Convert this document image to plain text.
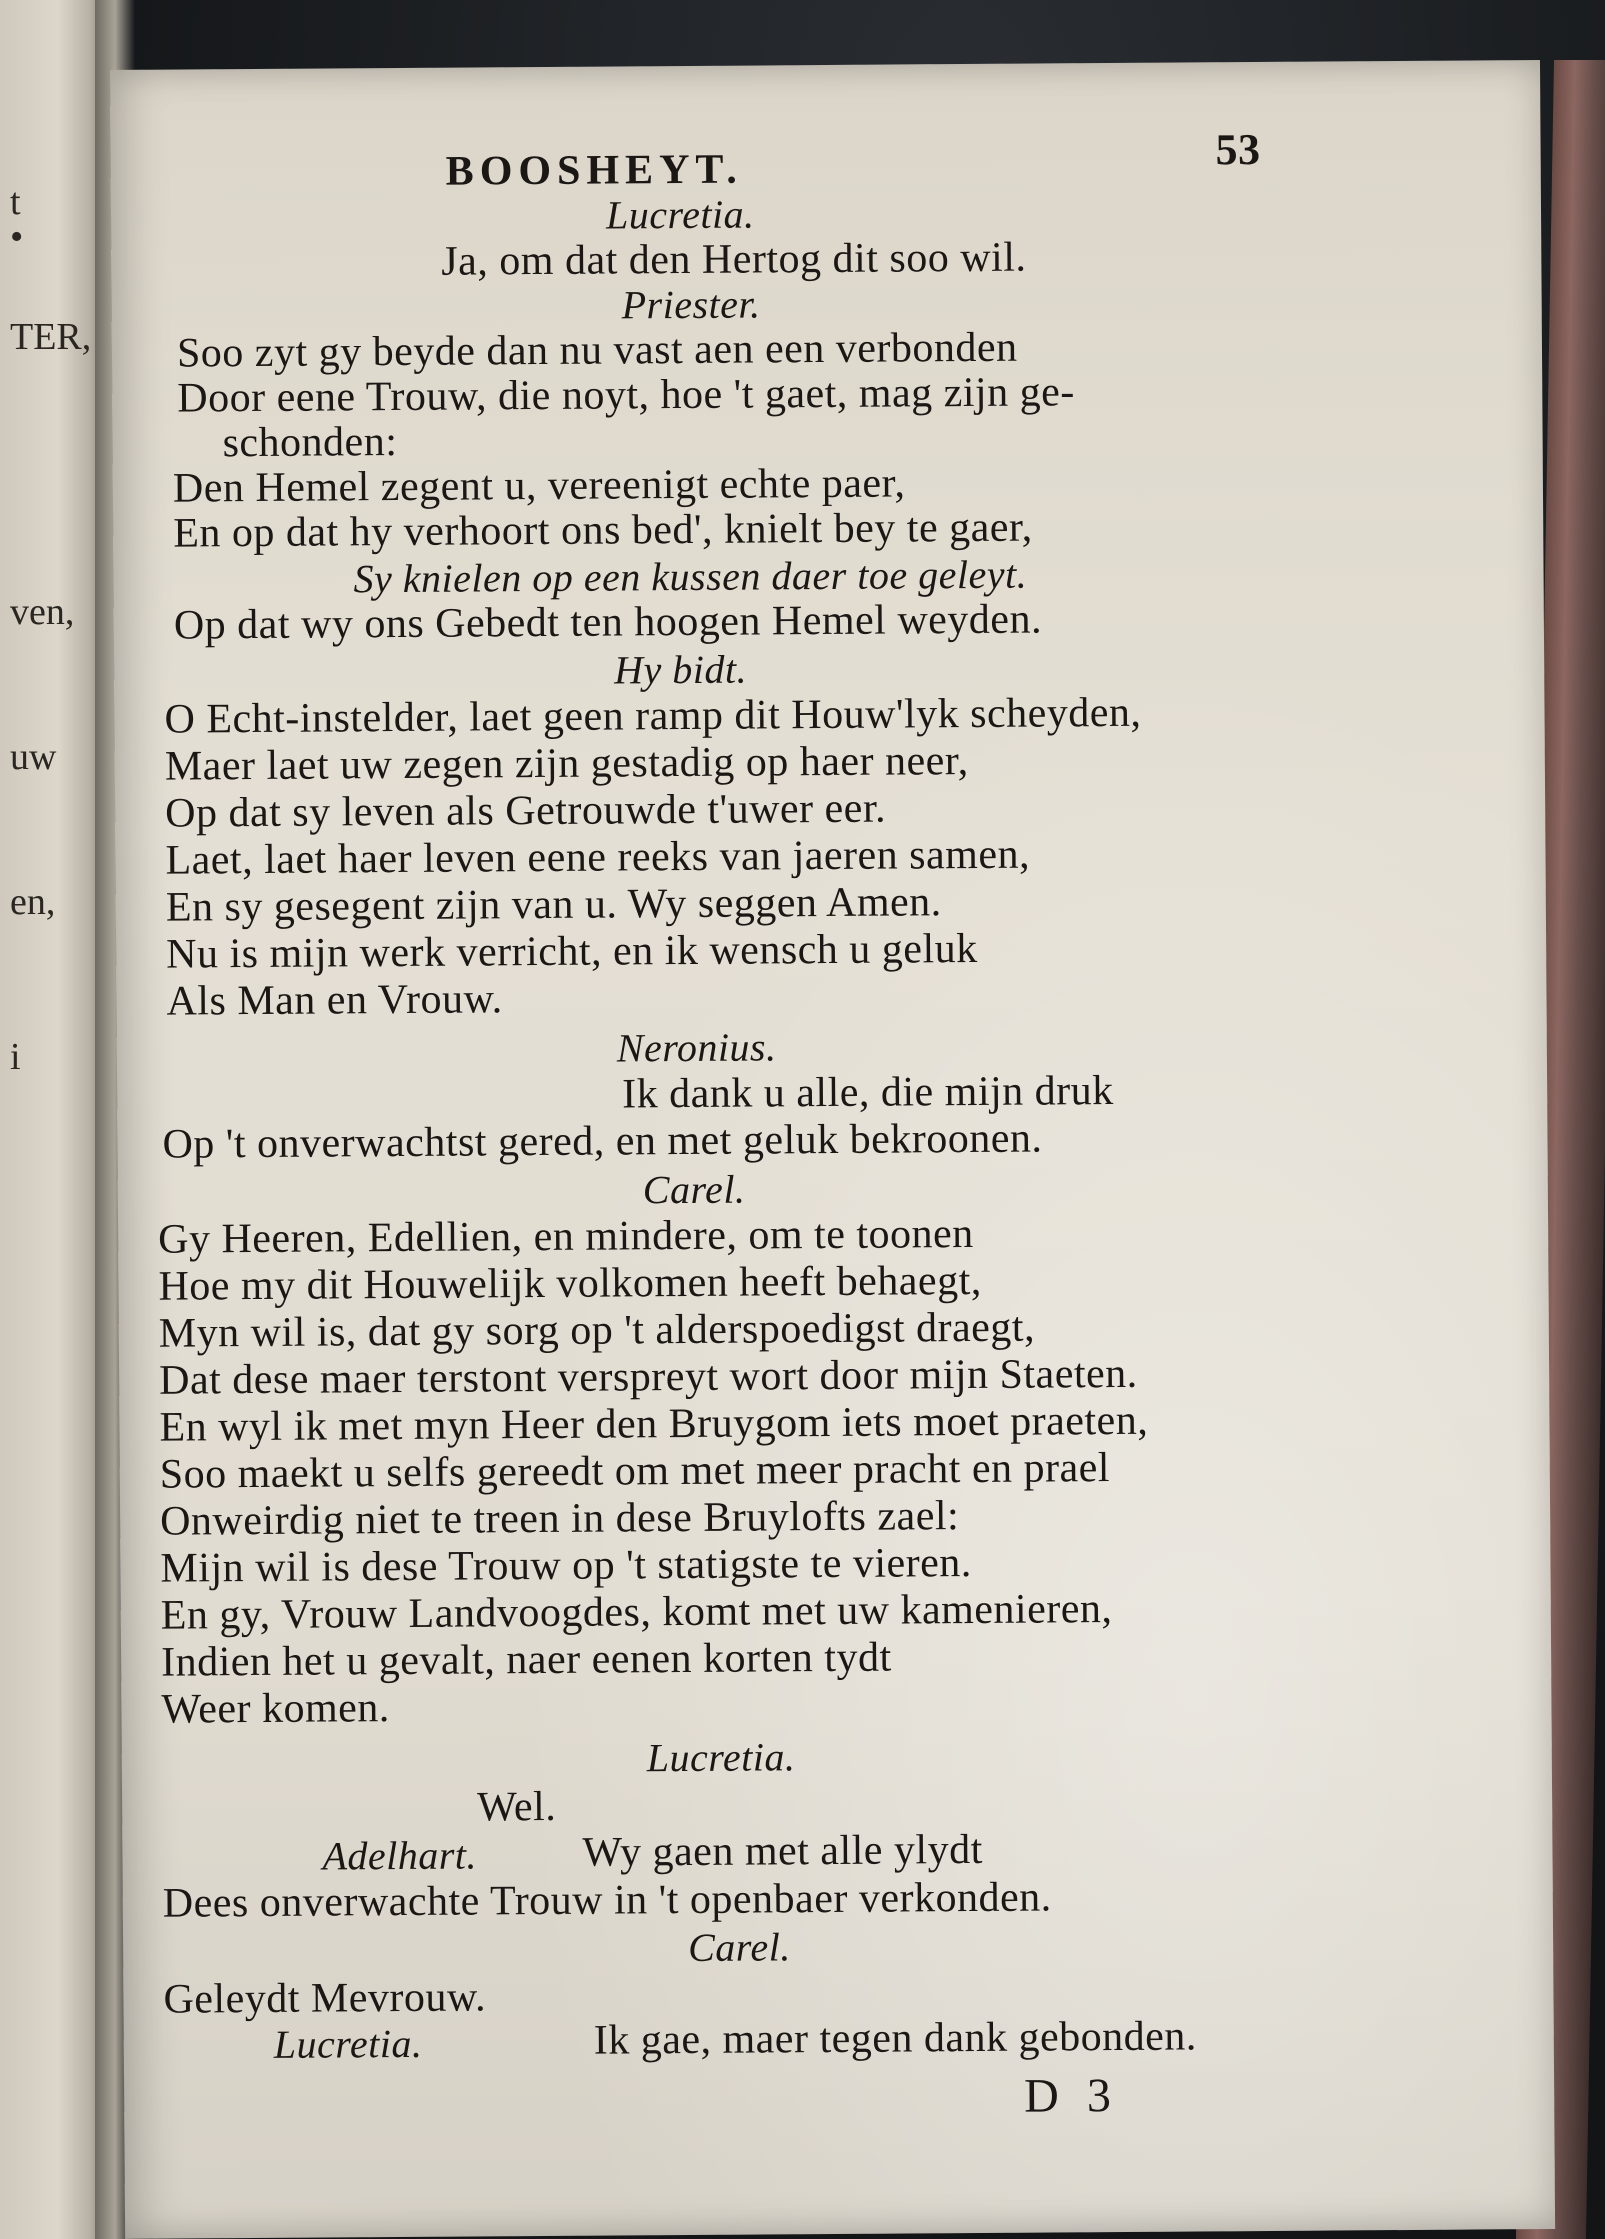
t
•
TER,
ven,
uw
en,
i
BOOSHEYT.	53
Lucretia.
Ja, om dat den Hertog dit soo wil.
Priester.
Soo zyt gy beyde dan nu vast aen een verbonden
Door eene Trouw, die noyt, hoe 't gaet, mag zijn ge-
schonden:
Den Hemel zegent u, vereenigt echte paer,
En op dat hy verhoort ons bed', knielt bey te gaer,
Sy knielen op een kussen daer toe geleyt.
Op dat wy ons Gebedt ten hoogen Hemel weyden.
Hy bidt.
O Echt-instelder, laet geen ramp dit Houw'lyk scheyden,
Maer laet uw zegen zijn gestadig op haer neer,
Op dat sy leven als Getrouwde t'uwer eer.
Laet, laet haer leven eene reeks van jaeren samen,
En sy gesegent zijn van u. Wy seggen Amen.
Nu is mijn werk verricht, en ik wensch u geluk
Als Man en Vrouw.
Neronius.
Ik dank u alle, die mijn druk
Op 't onverwachtst gered, en met geluk bekroonen.
Carel.
Gy Heeren, Edellien, en mindere, om te toonen
Hoe my dit Houwelijk volkomen heeft behaegt,
Myn wil is, dat gy sorg op 't alderspoedigst draegt,
Dat dese maer terstont verspreyt wort door mijn Staeten.
En wyl ik met myn Heer den Bruygom iets moet praeten,
Soo maekt u selfs gereedt om met meer pracht en prael
Onweirdig niet te treen in dese Bruylofts zael:
Mijn wil is dese Trouw op 't statigste te vieren.
En gy, Vrouw Landvoogdes, komt met uw kamenieren,
Indien het u gevalt, naer eenen korten tydt
Weer komen.
Lucretia.
Wel.
Adelhart.	Wy gaen met alle ylydt
Dees onverwachte Trouw in 't openbaer verkonden.
Carel.
Geleydt Mevrouw.
Lucretia.	Ik gae, maer tegen dank gebonden.
D 3
